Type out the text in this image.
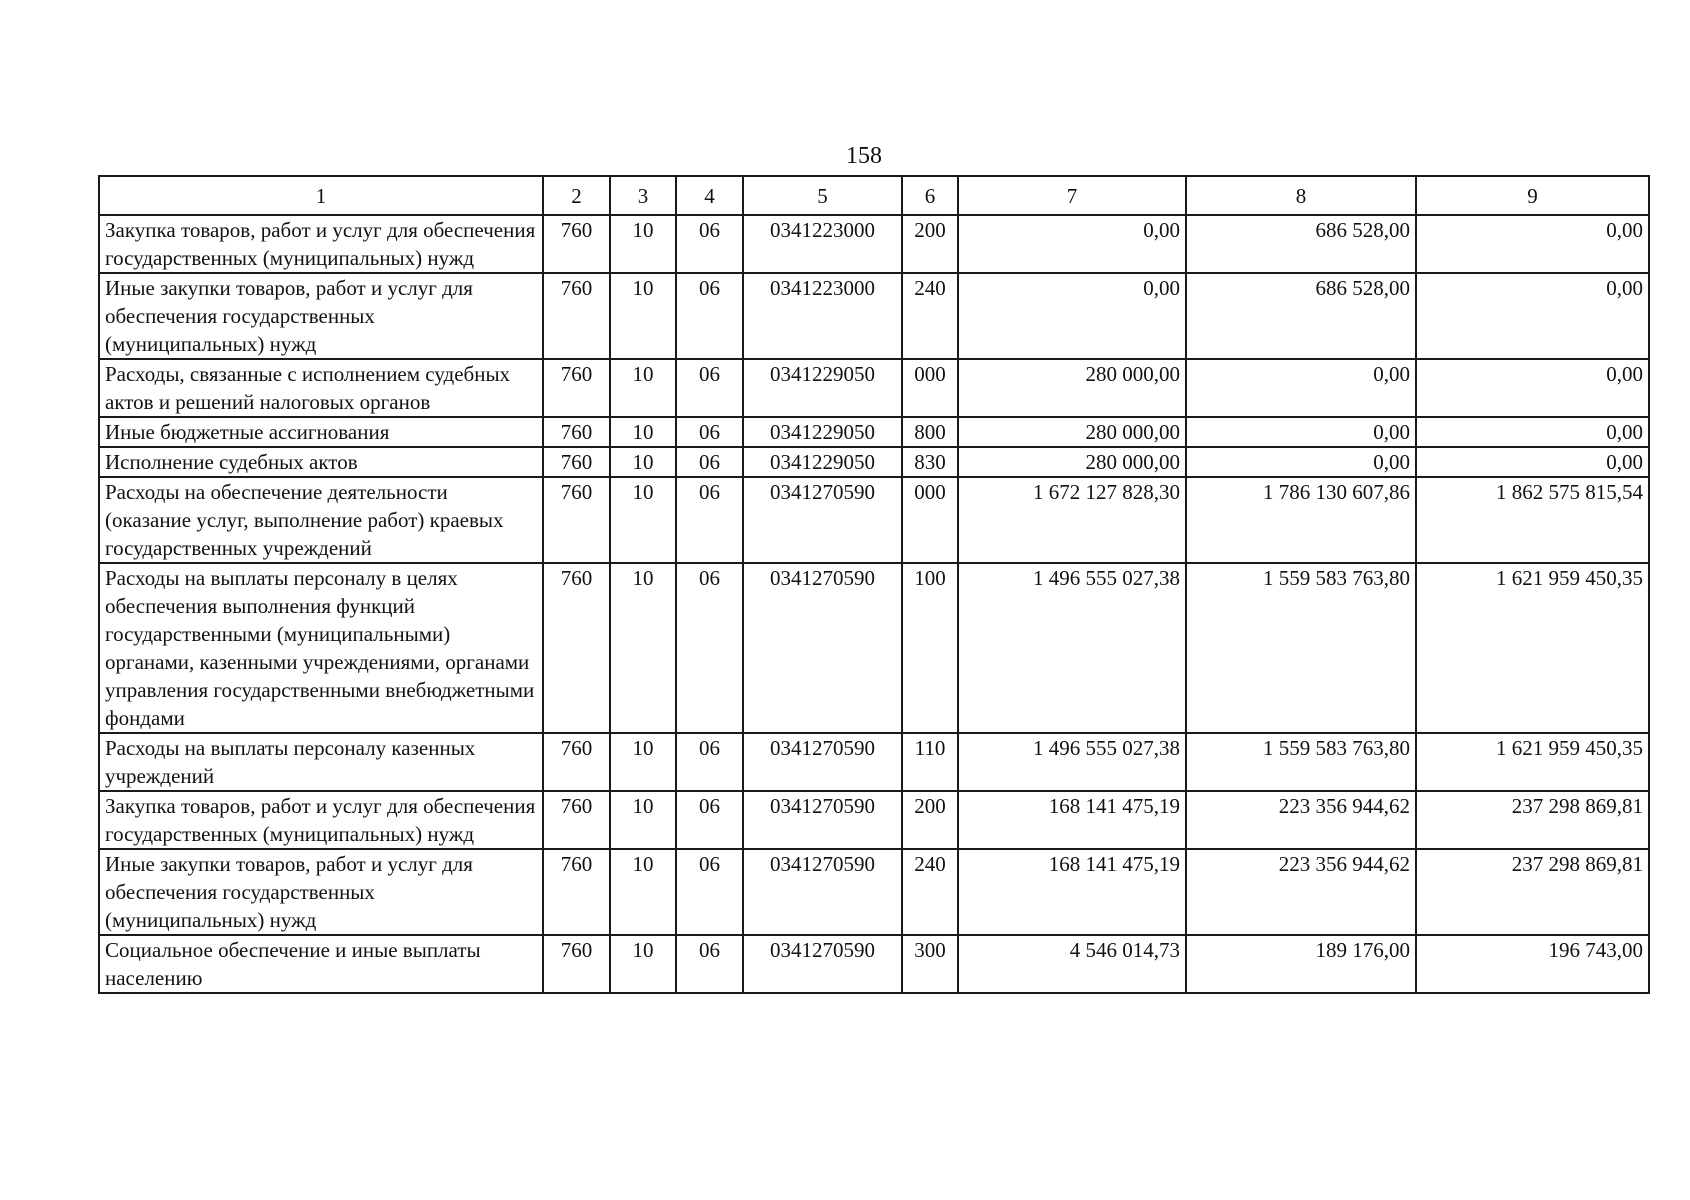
158
1	2	3	4	5	6	7	8	9
Закупка товаров, работ и услуг для обеспечения государственных (муниципальных) нужд	760	10	06	0341223000	200	0,00	686 528,00	0,00
Иные закупки товаров, работ и услуг для обеспечения государственных (муниципальных) нужд	760	10	06	0341223000	240	0,00	686 528,00	0,00
Расходы, связанные с исполнением судебных актов и решений налоговых органов	760	10	06	0341229050	000	280 000,00	0,00	0,00
Иные бюджетные ассигнования	760	10	06	0341229050	800	280 000,00	0,00	0,00
Исполнение судебных актов	760	10	06	0341229050	830	280 000,00	0,00	0,00
Расходы на обеспечение деятельности (оказание услуг, выполнение работ) краевых государственных учреждений	760	10	06	0341270590	000	1 672 127 828,30	1 786 130 607,86	1 862 575 815,54
Расходы на выплаты персоналу в целях обеспечения выполнения функций государственными (муниципальными) органами, казенными учреждениями, органами управления государственными внебюджетными фондами	760	10	06	0341270590	100	1 496 555 027,38	1 559 583 763,80	1 621 959 450,35
Расходы на выплаты персоналу казенных учреждений	760	10	06	0341270590	110	1 496 555 027,38	1 559 583 763,80	1 621 959 450,35
Закупка товаров, работ и услуг для обеспечения государственных (муниципальных) нужд	760	10	06	0341270590	200	168 141 475,19	223 356 944,62	237 298 869,81
Иные закупки товаров, работ и услуг для обеспечения государственных (муниципальных) нужд	760	10	06	0341270590	240	168 141 475,19	223 356 944,62	237 298 869,81
Социальное обеспечение и иные выплаты населению	760	10	06	0341270590	300	4 546 014,73	189 176,00	196 743,00
